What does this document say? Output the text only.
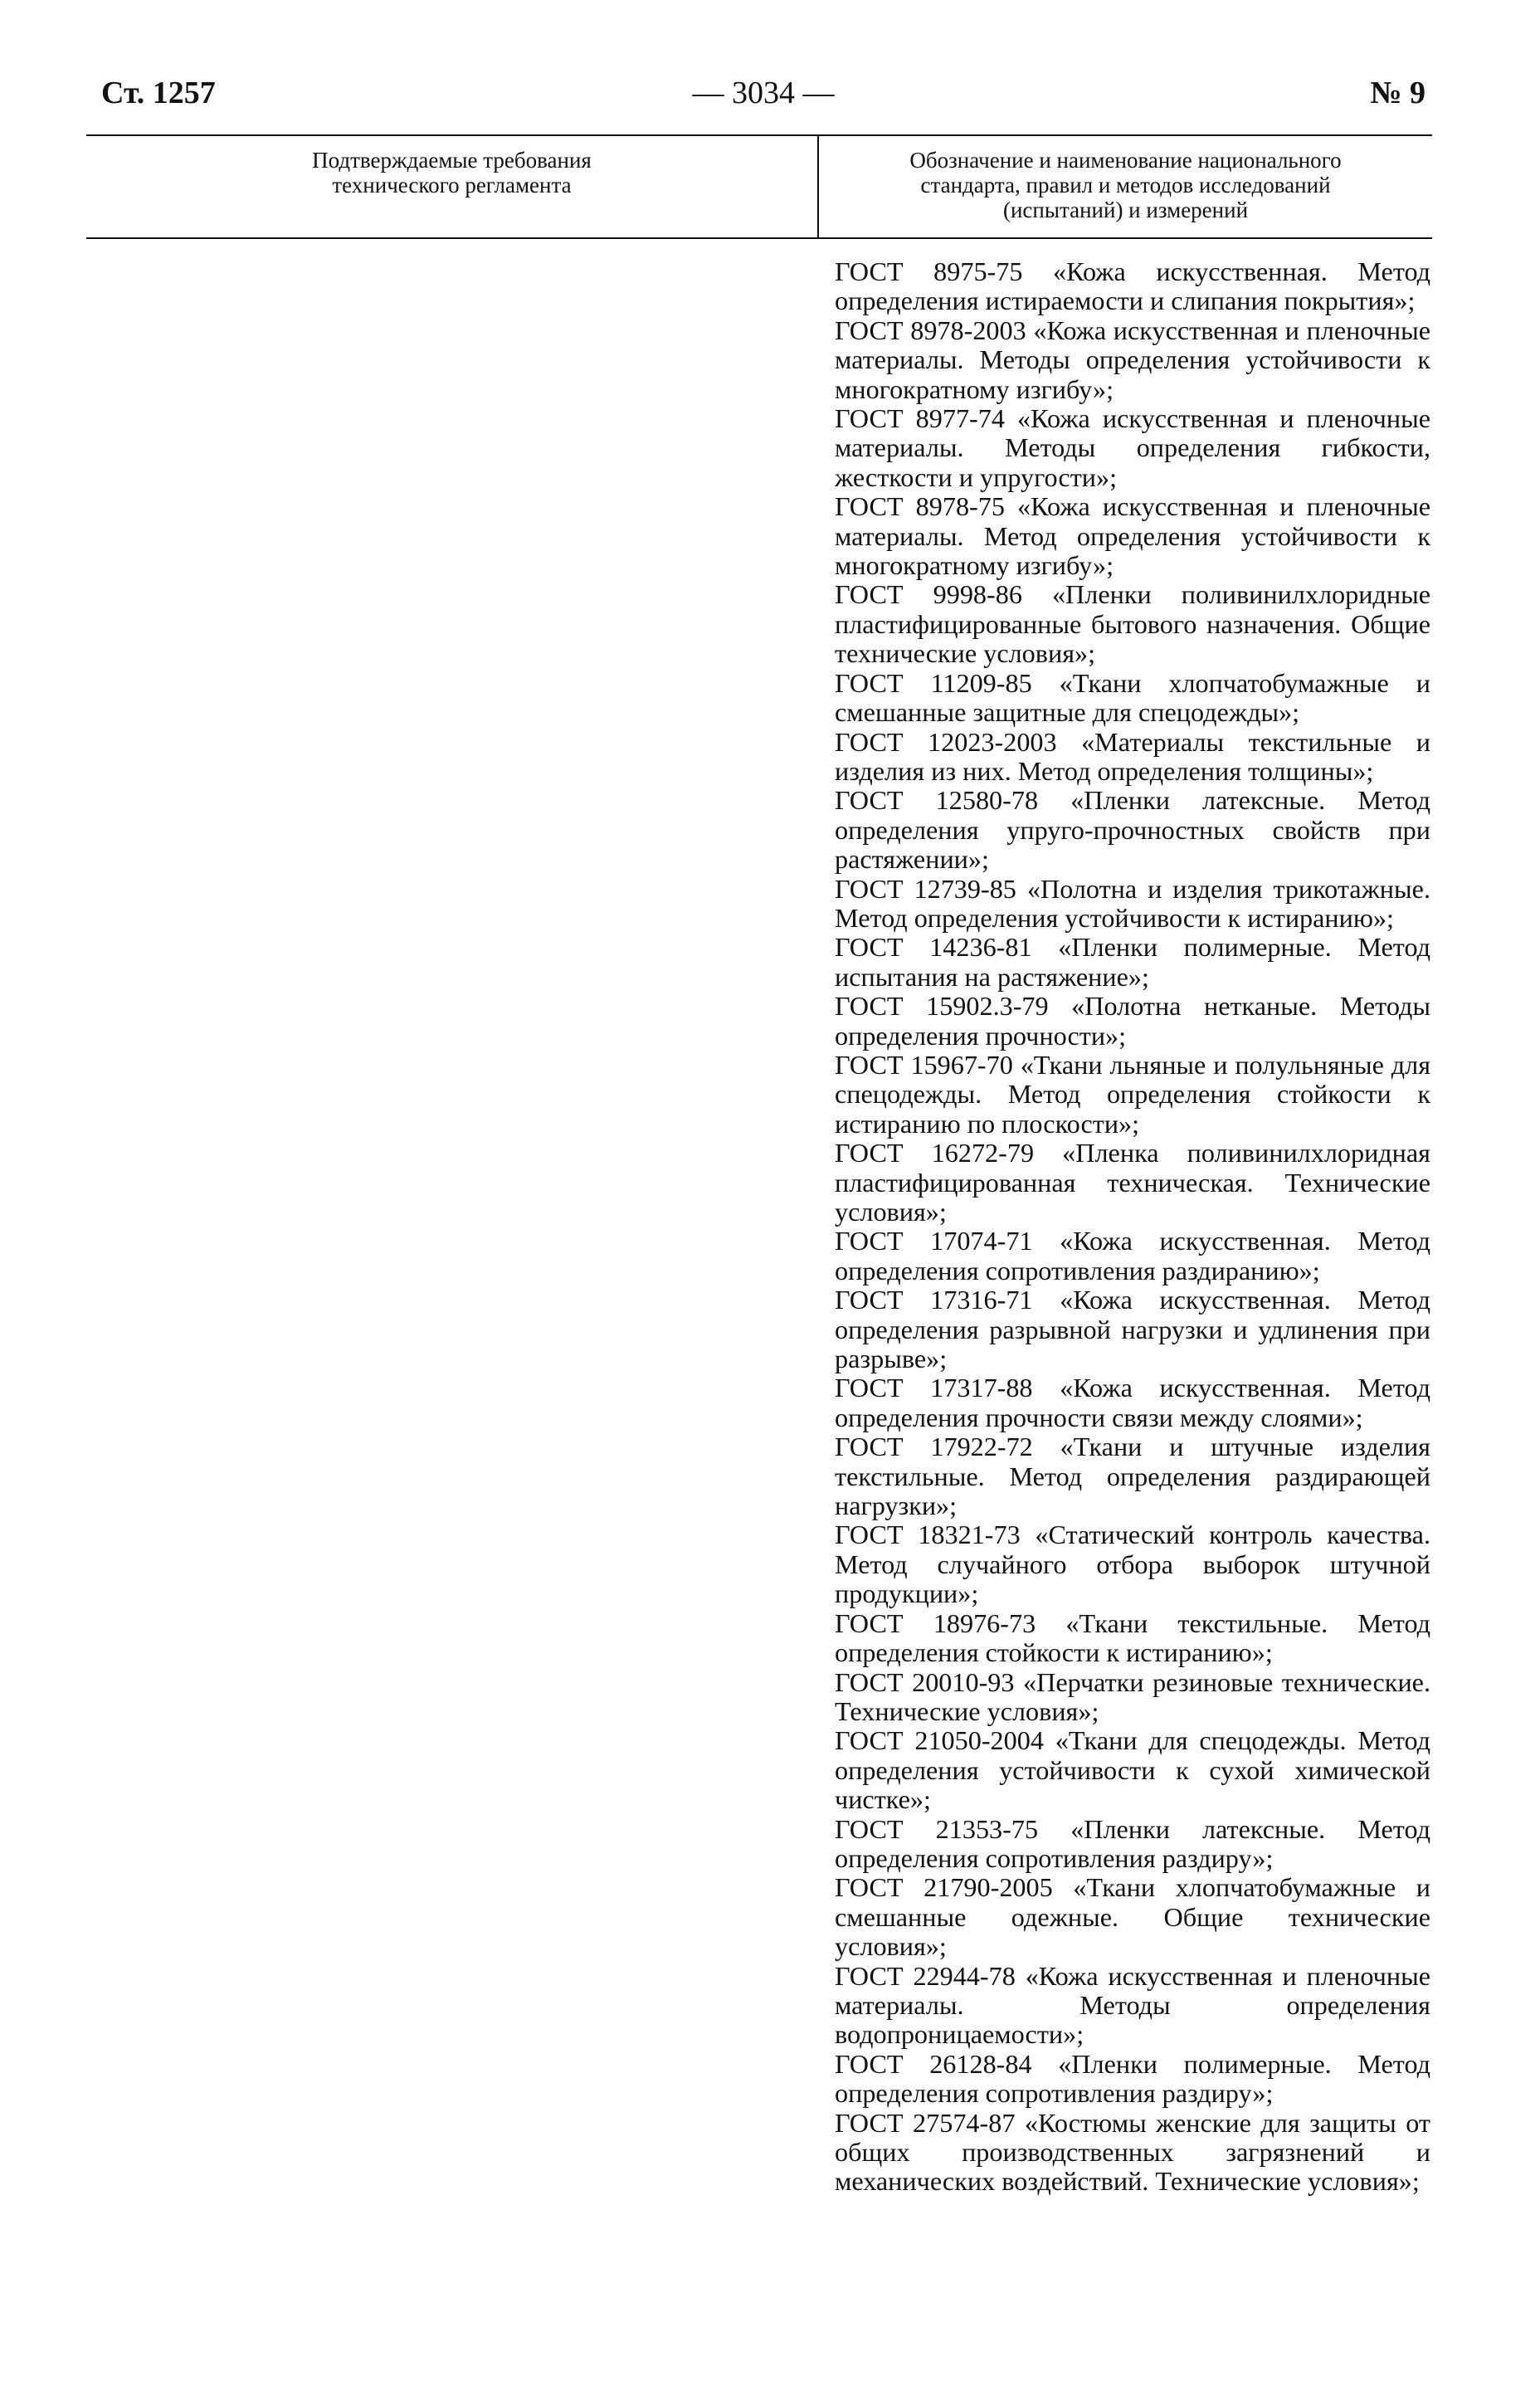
Ст. 1257	— 3034 —	№ 9
Подтверждаемые требования
технического регламента
Обозначение и наименование национального
стандарта, правил и методов исследований
(испытаний) и измерений
ГОСТ 8975-75 «Кожа искусственная. Метод определения истираемости и слипания покрытия»;
ГОСТ 8978-2003 «Кожа искусственная и пленочные материалы. Методы определения устойчивости к многократному изгибу»;
ГОСТ 8977-74 «Кожа искусственная и пленочные материалы. Методы определения гибкости, жесткости и упругости»;
ГОСТ 8978-75 «Кожа искусственная и пленочные материалы. Метод определения устойчивости к многократному изгибу»;
ГОСТ 9998-86 «Пленки поливинилхлоридные пластифицированные бытового назначения. Общие технические условия»;
ГОСТ 11209-85 «Ткани хлопчатобумажные и смешанные защитные для спецодежды»;
ГОСТ 12023-2003 «Материалы текстильные и изделия из них. Метод определения толщины»;
ГОСТ 12580-78 «Пленки латексные. Метод определения упруго-прочностных свойств при растяжении»;
ГОСТ 12739-85 «Полотна и изделия трикотажные. Метод определения устойчивости к истиранию»;
ГОСТ 14236-81 «Пленки полимерные. Метод испытания на растяжение»;
ГОСТ 15902.3-79 «Полотна нетканые. Методы определения прочности»;
ГОСТ 15967-70 «Ткани льняные и полульняные для спецодежды. Метод определения стойкости к истиранию по плоскости»;
ГОСТ 16272-79 «Пленка поливинилхлоридная пластифицированная техническая. Технические условия»;
ГОСТ 17074-71 «Кожа искусственная. Метод определения сопротивления раздиранию»;
ГОСТ 17316-71 «Кожа искусственная. Метод определения разрывной нагрузки и удлинения при разрыве»;
ГОСТ 17317-88 «Кожа искусственная. Метод определения прочности связи между слоями»;
ГОСТ 17922-72 «Ткани и штучные изделия текстильные. Метод определения раздирающей нагрузки»;
ГОСТ 18321-73 «Статический контроль качества. Метод случайного отбора выборок штучной продукции»;
ГОСТ 18976-73 «Ткани текстильные. Метод определения стойкости к истиранию»;
ГОСТ 20010-93 «Перчатки резиновые технические. Технические условия»;
ГОСТ 21050-2004 «Ткани для спецодежды. Метод определения устойчивости к сухой химической чистке»;
ГОСТ 21353-75 «Пленки латексные. Метод определения сопротивления раздиру»;
ГОСТ 21790-2005 «Ткани хлопчатобумажные и смешанные одежные. Общие технические условия»;
ГОСТ 22944-78 «Кожа искусственная и пленочные материалы. Методы определения водопроницаемости»;
ГОСТ 26128-84 «Пленки полимерные. Метод определения сопротивления раздиру»;
ГОСТ 27574-87 «Костюмы женские для защиты от общих производственных загрязнений и механических воздействий. Технические условия»;
